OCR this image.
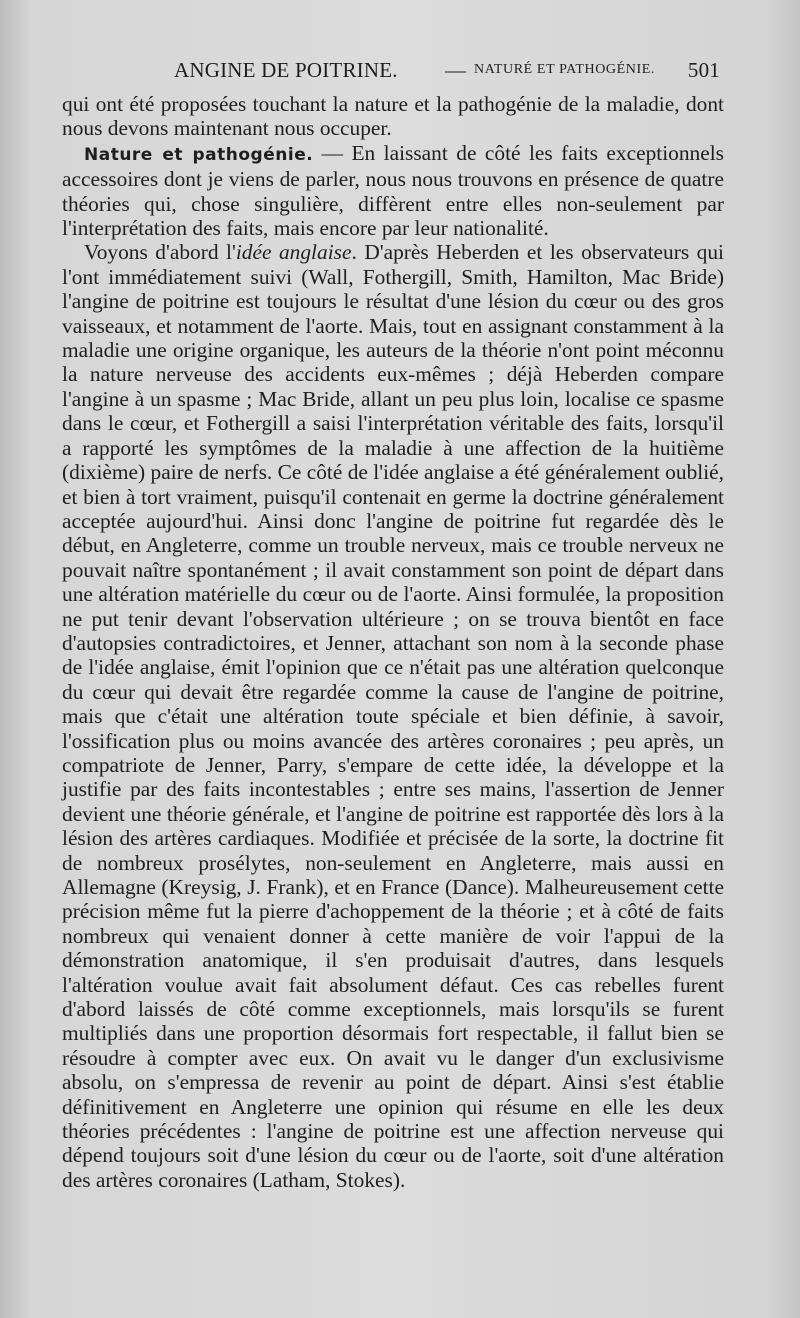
ANGINE DE POITRINE. — NATURÉ ET PATHOGÉNIE. 501

qui ont été proposées touchant la nature et la pathogénie de la maladie, dont nous devons maintenant nous occuper.

Nature et pathogénie. — En laissant de côté les faits exceptionnels accessoires dont je viens de parler, nous nous trouvons en présence de quatre théories qui, chose singulière, diffèrent entre elles non-seulement par l'interprétation des faits, mais encore par leur nationalité.

Voyons d'abord l'idée anglaise. D'après Heberden et les observateurs qui l'ont immédiatement suivi (Wall, Fothergill, Smith, Hamilton, Mac Bride) l'angine de poitrine est toujours le résultat d'une lésion du cœur ou des gros vaisseaux, et notamment de l'aorte. Mais, tout en assignant constamment à la maladie une origine organique, les auteurs de la théorie n'ont point méconnu la nature nerveuse des accidents eux-mêmes ; déjà Heberden compare l'angine à un spasme ; Mac Bride, allant un peu plus loin, localise ce spasme dans le cœur, et Fothergill a saisi l'interprétation véritable des faits, lorsqu'il a rapporté les symptômes de la maladie à une affection de la huitième (dixième) paire de nerfs. Ce côté de l'idée anglaise a été généralement oublié, et bien à tort vraiment, puisqu'il contenait en germe la doctrine généralement acceptée aujourd'hui. Ainsi donc l'angine de poitrine fut regardée dès le début, en Angleterre, comme un trouble nerveux, mais ce trouble nerveux ne pouvait naître spontanément ; il avait constamment son point de départ dans une altération matérielle du cœur ou de l'aorte. Ainsi formulée, la proposition ne put tenir devant l'observation ultérieure ; on se trouva bientôt en face d'autopsies contradictoires, et Jenner, attachant son nom à la seconde phase de l'idée anglaise, émit l'opinion que ce n'était pas une altération quelconque du cœur qui devait être regardée comme la cause de l'angine de poitrine, mais que c'était une altération toute spéciale et bien définie, à savoir, l'ossification plus ou moins avancée des artères coronaires ; peu après, un compatriote de Jenner, Parry, s'empare de cette idée, la développe et la justifie par des faits incontestables ; entre ses mains, l'assertion de Jenner devient une théorie générale, et l'angine de poitrine est rapportée dès lors à la lésion des artères cardiaques. Modifiée et précisée de la sorte, la doctrine fit de nombreux prosélytes, non-seulement en Angleterre, mais aussi en Allemagne (Kreysig, J. Frank), et en France (Dance). Malheureusement cette précision même fut la pierre d'achoppement de la théorie ; et à côté de faits nombreux qui venaient donner à cette manière de voir l'appui de la démonstration anatomique, il s'en produisait d'autres, dans lesquels l'altération voulue avait fait absolument défaut. Ces cas rebelles furent d'abord laissés de côté comme exceptionnels, mais lorsqu'ils se furent multipliés dans une proportion désormais fort respectable, il fallut bien se résoudre à compter avec eux. On avait vu le danger d'un exclusivisme absolu, on s'empressa de revenir au point de départ. Ainsi s'est établie définitivement en Angleterre une opinion qui résume en elle les deux théories précédentes : l'angine de poitrine est une affection nerveuse qui dépend toujours soit d'une lésion du cœur ou de l'aorte, soit d'une altération des artères coronaires (Latham, Stokes).
